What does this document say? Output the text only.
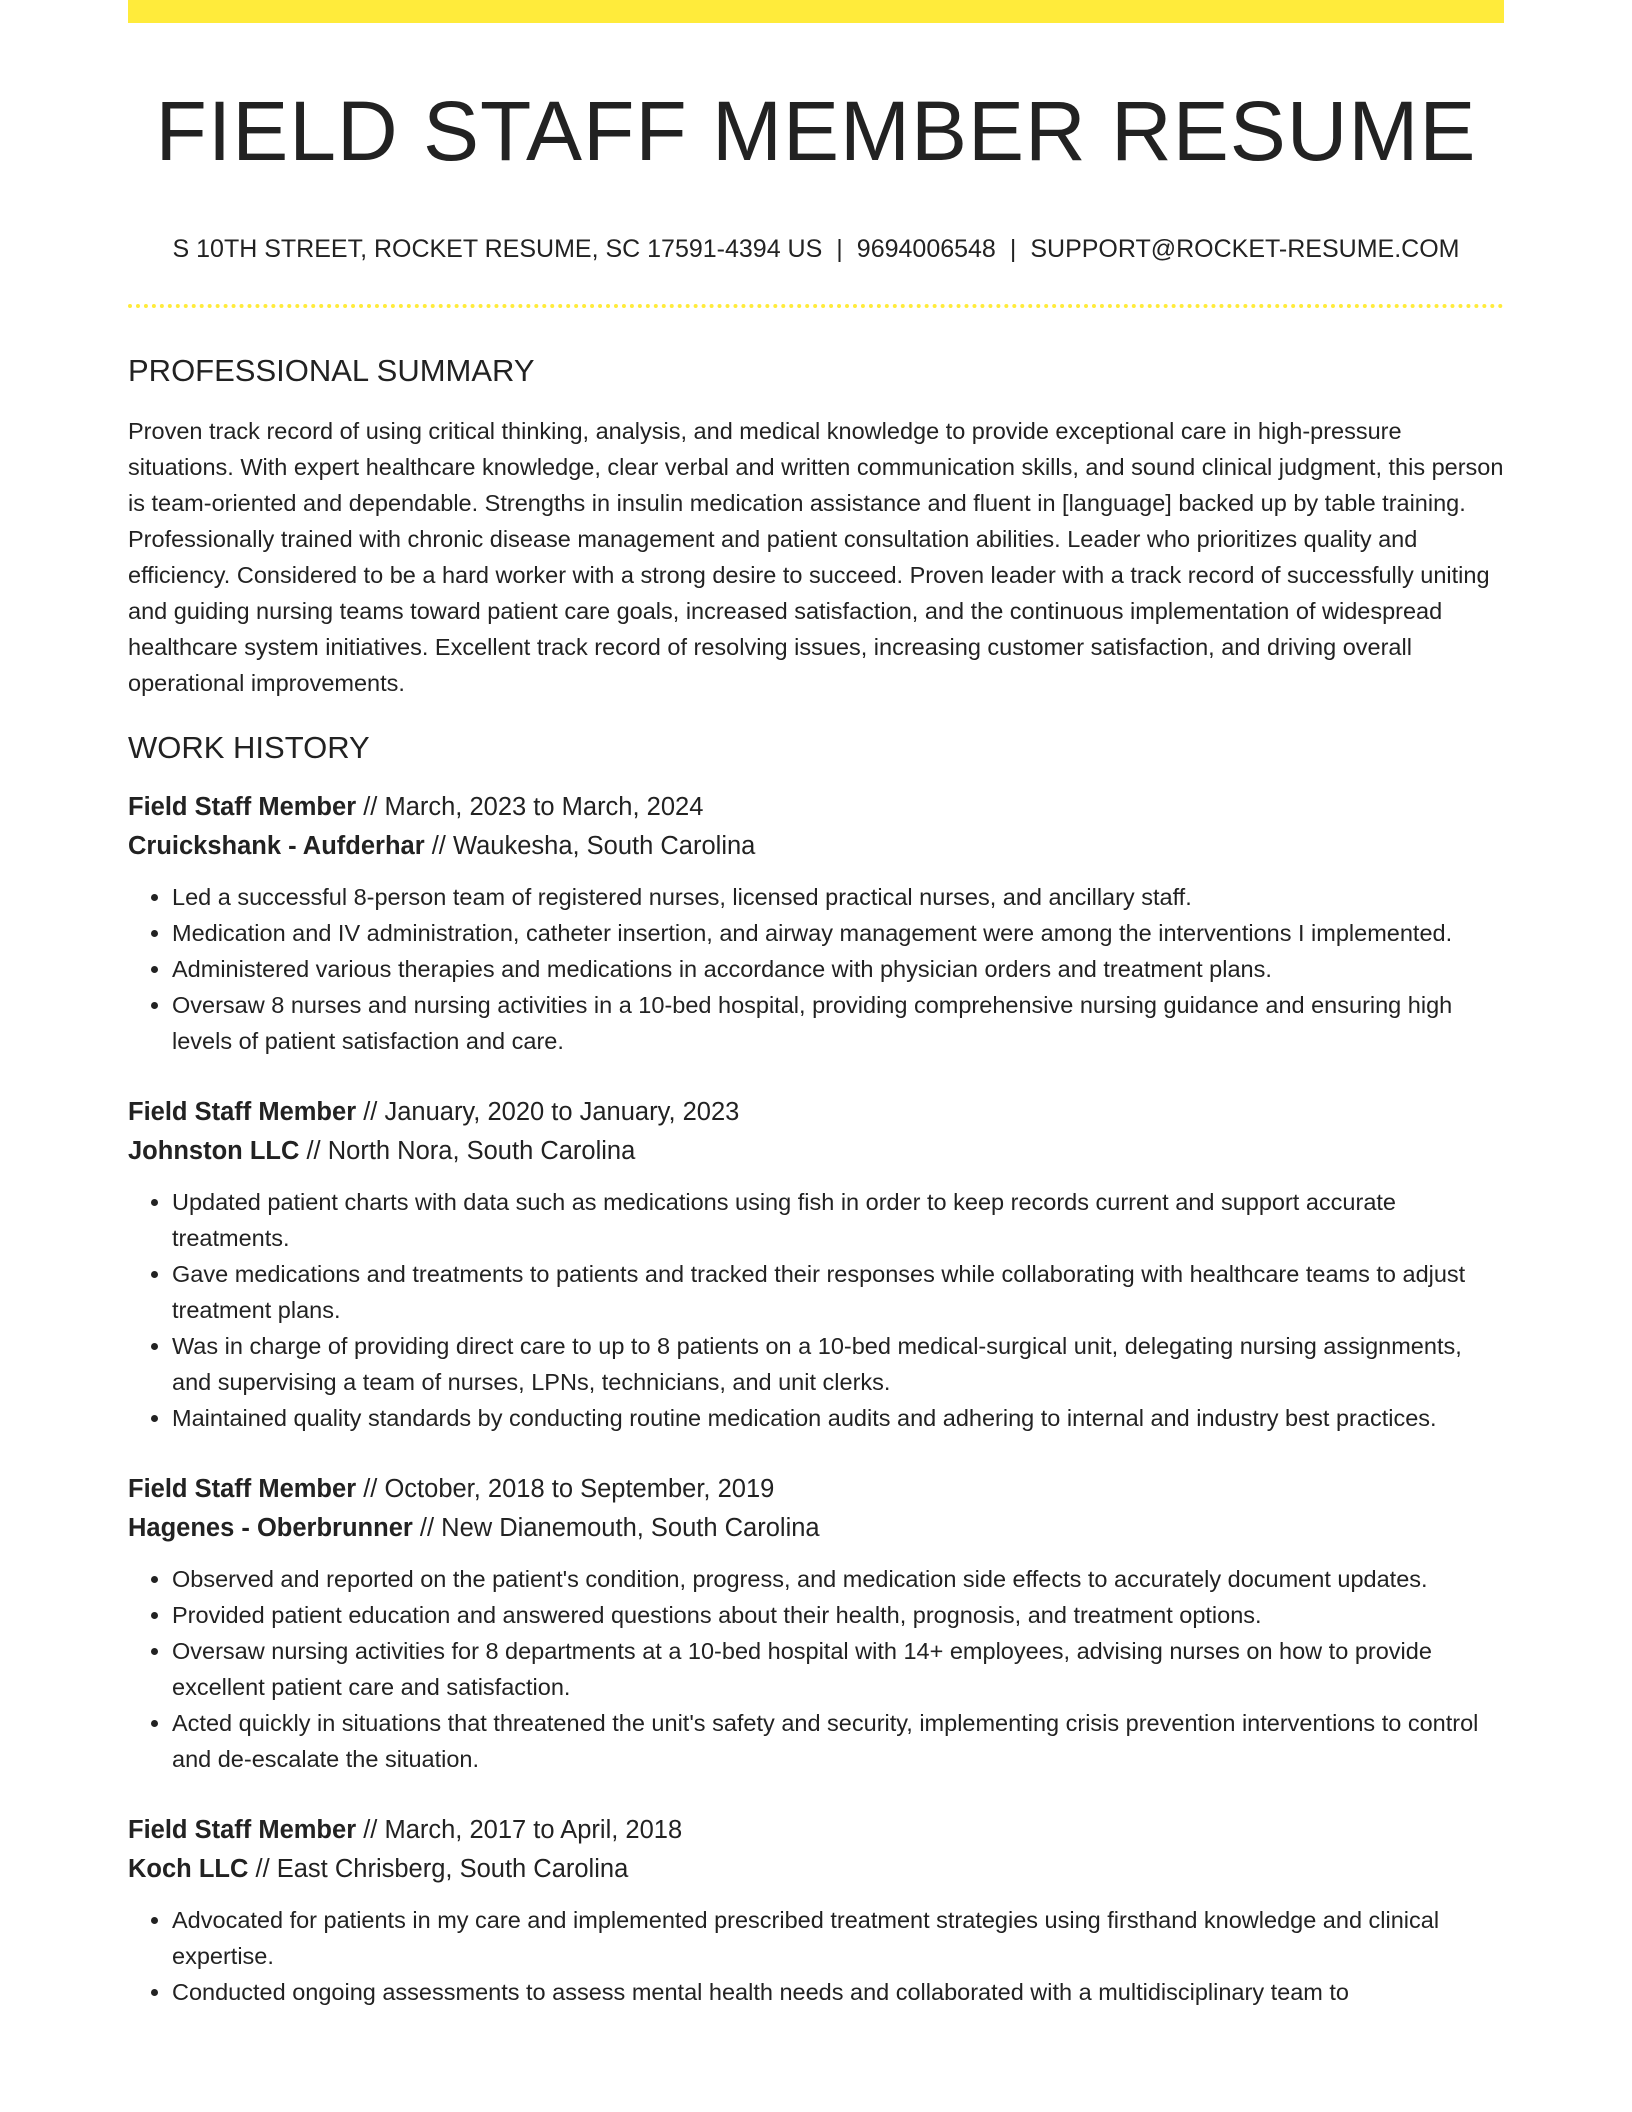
FIELD STAFF MEMBER RESUME
S 10TH STREET, ROCKET RESUME, SC 17591-4394 US | 9694006548 | SUPPORT@ROCKET-RESUME.COM
PROFESSIONAL SUMMARY

Proven track record of using critical thinking, analysis, and medical knowledge to provide exceptional care in high-pressure situations. With expert healthcare knowledge, clear verbal and written communication skills, and sound clinical judgment, this person is team-oriented and dependable. Strengths in insulin medication assistance and fluent in [language] backed up by table training. Professionally trained with chronic disease management and patient consultation abilities. Leader who prioritizes quality and efficiency. Considered to be a hard worker with a strong desire to succeed. Proven leader with a track record of successfully uniting and guiding nursing teams toward patient care goals, increased satisfaction, and the continuous implementation of widespread healthcare system initiatives. Excellent track record of resolving issues, increasing customer satisfaction, and driving overall operational improvements.

WORK HISTORY
Field Staff Member // March, 2023 to March, 2024
Cruickshank - Aufderhar // Waukesha, South Carolina
• Led a successful 8-person team of registered nurses, licensed practical nurses, and ancillary staff.
• Medication and IV administration, catheter insertion, and airway management were among the interventions I implemented.
• Administered various therapies and medications in accordance with physician orders and treatment plans.
• Oversaw 8 nurses and nursing activities in a 10-bed hospital, providing comprehensive nursing guidance and ensuring high levels of patient satisfaction and care.
Field Staff Member // January, 2020 to January, 2023
Johnston LLC // North Nora, South Carolina
• Updated patient charts with data such as medications using fish in order to keep records current and support accurate treatments.
• Gave medications and treatments to patients and tracked their responses while collaborating with healthcare teams to adjust treatment plans.
• Was in charge of providing direct care to up to 8 patients on a 10-bed medical-surgical unit, delegating nursing assignments, and supervising a team of nurses, LPNs, technicians, and unit clerks.
• Maintained quality standards by conducting routine medication audits and adhering to internal and industry best practices.
Field Staff Member // October, 2018 to September, 2019
Hagenes - Oberbrunner // New Dianemouth, South Carolina
• Observed and reported on the patient's condition, progress, and medication side effects to accurately document updates.
• Provided patient education and answered questions about their health, prognosis, and treatment options.
• Oversaw nursing activities for 8 departments at a 10-bed hospital with 14+ employees, advising nurses on how to provide excellent patient care and satisfaction.
• Acted quickly in situations that threatened the unit's safety and security, implementing crisis prevention interventions to control and de-escalate the situation.
Field Staff Member // March, 2017 to April, 2018
Koch LLC // East Chrisberg, South Carolina
• Advocated for patients in my care and implemented prescribed treatment strategies using firsthand knowledge and clinical expertise.
• Conducted ongoing assessments to assess mental health needs and collaborated with a multidisciplinary team to
